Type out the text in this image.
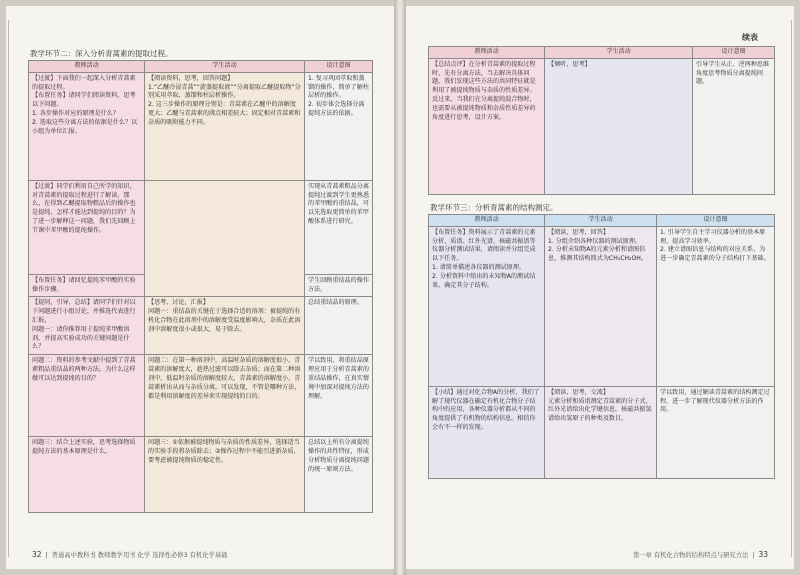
教学环节二：深入分析青蒿素的提取过程。
教师活动	学生活动	设计意图
【过渡】下面我们一起深入分析青蒿素的提取过程。
【布置任务】请同学们阅读资料，思考以下问题。
1. 各步操作对应的原理是什么？
2. 选取这些分离方法的依据是什么？以小组为单位汇报。	【阅读资料，思考，回答问题】
1.“乙醚冷浸青蒿”“旋蒸提取液”“分离提取乙醚提取物”分别采用萃取、蒸馏和柱层析操作。
2. 这三步操作的原理分别是：青蒿素在乙醚中的溶解度更大；乙醚与青蒿素的沸点相差较大；固定相对青蒿素和杂质的吸附能力不同。	1. 复习巩固萃取和蒸馏的操作，简单了解柱层析的操作。
2. 初步体会选择分离提纯方法的依据。
【过渡】同学们利用自己所学的知识，对青蒿素的提取过程进行了解读。那么，在得到乙醚提取物粗品后的操作也是提纯，怎样才能达到提纯的目的？为了进一步解释这一问题，我们先回顾上节课中苯甲酸的提纯操作。		实现从青蒿素粗品分离提纯过渡到学生更熟悉的苯甲酸的重结晶，可以先选取更简单的苯甲酸体系进行研究。
【布置任务】请回忆提纯苯甲酸的实验操作步骤。		学生回顾重结晶的操作方法。
【提问，引导，总结】请同学们针对以下问题进行小组讨论，并推选代表进行汇报。
问题一：请你推荐用于提纯苯甲酸溶剂，并提高实验成功的关键问题是什么？	【思考，讨论，汇报】
问题一：重结晶的关键在于选择合适的溶剂：被提纯的有机化合物在此溶剂中的溶解度受温度影响大，杂质在此溶剂中溶解度很小或很大，易于除去。	总结重结晶的原理。
问题二：资料的参考文献中提到了青蒿素粗品重结晶的两种方法。为什么这样做可以达到提纯的目的？	问题二：在第一种溶剂中，高温时杂质的溶解度很小，青蒿素的溶解度大，趁热过滤可以除去杂质；而在第二种溶剂中，低温时杂质的溶解度较大，青蒿素的溶解度小，青蒿素析出从而与杂质分离，可以发现，不管是哪种方法，都是利用溶解度的差异来实现提纯的目的。	学以致用，将重结晶原理应用于分析青蒿素的重结晶操作，在真实情境中加深对提纯方法的理解。
问题三：结合上述实验，思考选择物质提纯方法的基本原理是什么。	问题三：①依据被提纯物质与杂质的性质差异，选择适当的实验手段将杂质除去；②操作过程中不能引进新杂质，要考虑被提纯物质的稳定性。	总结以上所有分离提纯操作的共性特征，形成分析物质分离提纯问题的统一原则方法。
32  |  普通高中教科书 教师教学用书 化学 选择性必修3 有机化学基础
续表
教师活动	学生活动	设计意图
【总结点评】在分析青蒿素的提取过程时，先有分离方法，当去解决具体问题，我们发现这些方法的共同特征就是利用了被提纯物质与杂质的性质差异。反过来，当我们在分离提纯混合物时，也需要从被提纯物质和杂质性质差异的角度进行思考，设计方案。	【倾听，思考】	引导学生从正、逆两种思维角度思考物质分离提纯问题。
教学环节三：分析青蒿素的结构测定。
教师活动	学生活动	设计意图
【布置任务】资料展示了青蒿素的元素分析、质谱、红外光谱、核磁共振谱等仪器分析测试结果，请阅读并分组完成以下任务。
1. 请简单描述各仪器的测试原理。
2. 分析资料中给出的未知物A的测试结果，确定其分子结构。	【阅读，思考，回答】
1. 分组介绍各种仪器的测试原理。
2. 分析未知物A的元素分析和谱图信息，推测其结构简式为CH₃CH₂OH。	1. 引导学生自主学习仪器分析的基本原理，提高学习效率。
2. 建立谱图信息与结构的对应关系，为进一步确定青蒿素的分子结构打下基础。
【小结】通过对化合物A的分析，我们了解了现代仪器在确定有机化合物分子结构中的应用，各种仪器分析都从不同的角度提供了有机物的结构信息。相信你会有不一样的发现。	【阅读，思考，交流】
元素分析和质谱测定青蒿素的分子式，红外光谱给出化学键信息，核磁共振氢谱给出氢原子的种类及数目。	学以致用，通过解读青蒿素的结构测定过程，进一步了解现代仪器分析方法的作用。
第一章 有机化合物的结构特点与研究方法  |  33
